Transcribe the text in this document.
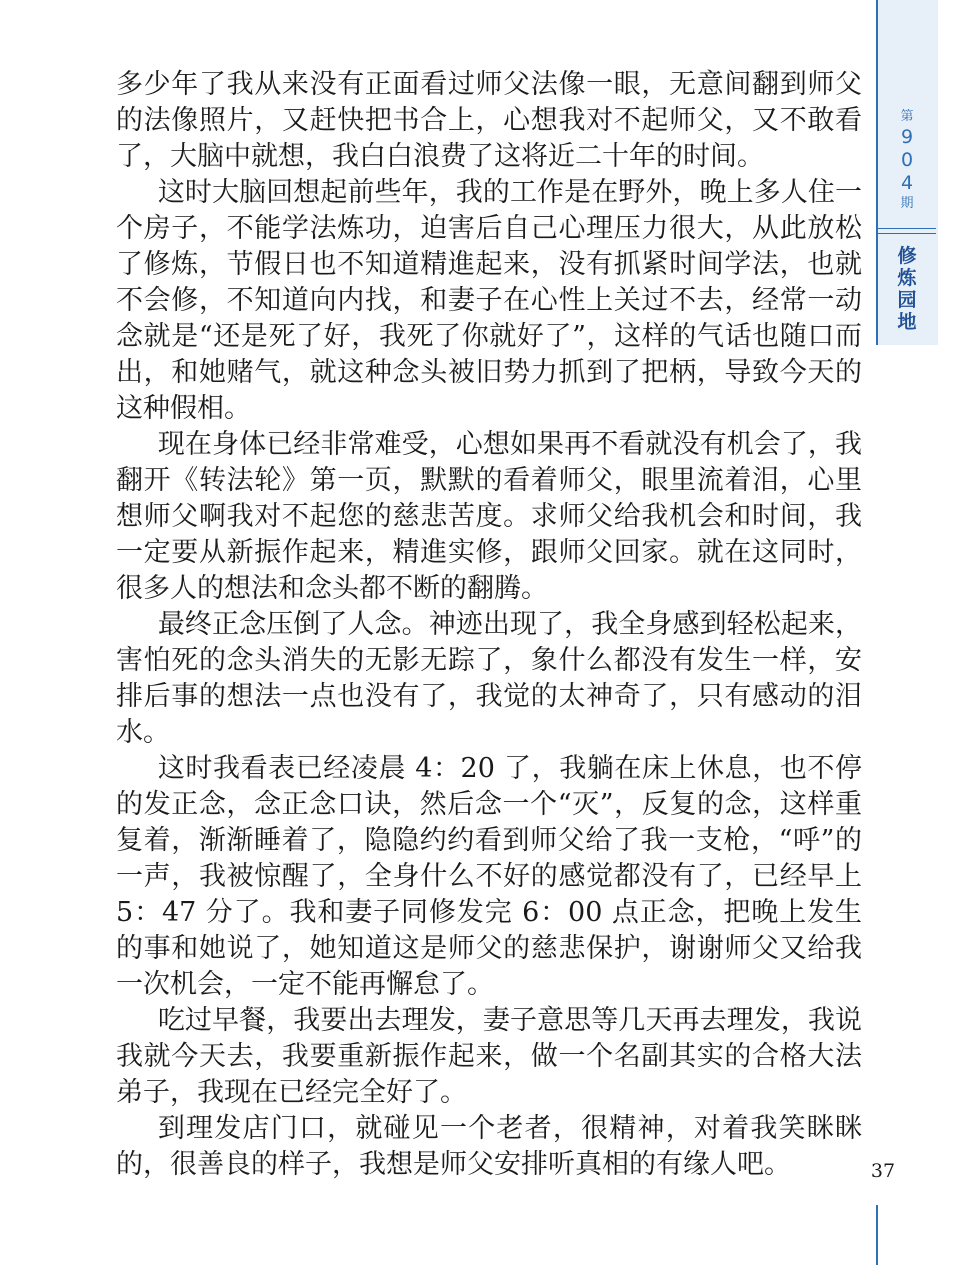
第
9
0
4
期
修
炼
园
地
37

多少年了我从来没有正面看过师父法像一眼，无意间翻到师父的法像照片，又赶快把书合上，心想我对不起师父，又不敢看了，大脑中就想，我白白浪费了这将近二十年的时间。

这时大脑回想起前些年，我的工作是在野外，晚上多人住一个房子，不能学法炼功，迫害后自己心理压力很大，从此放松了修炼，节假日也不知道精進起来，没有抓紧时间学法，也就不会修，不知道向内找，和妻子在心性上关过不去，经常一动念就是“还是死了好，我死了你就好了”，这样的气话也随口而出，和她赌气，就这种念头被旧势力抓到了把柄，导致今天的这种假相。

现在身体已经非常难受，心想如果再不看就没有机会了，我翻开《转法轮》第一页，默默的看着师父，眼里流着泪，心里想师父啊我对不起您的慈悲苦度。求师父给我机会和时间，我一定要从新振作起来，精進实修，跟师父回家。就在这同时，很多人的想法和念头都不断的翻腾。

最终正念压倒了人念。神迹出现了，我全身感到轻松起来，害怕死的念头消失的无影无踪了，象什么都没有发生一样，安排后事的想法一点也没有了，我觉的太神奇了，只有感动的泪水。

这时我看表已经凌晨 4：20 了，我躺在床上休息，也不停的发正念，念正念口诀，然后念一个“灭”，反复的念，这样重复着，渐渐睡着了，隐隐约约看到师父给了我一支枪，“呼”的一声，我被惊醒了，全身什么不好的感觉都没有了，已经早上 5：47 分了。我和妻子同修发完 6：00 点正念，把晚上发生的事和她说了，她知道这是师父的慈悲保护，谢谢师父又给我一次机会，一定不能再懈怠了。

吃过早餐，我要出去理发，妻子意思等几天再去理发，我说我就今天去，我要重新振作起来，做一个名副其实的合格大法弟子，我现在已经完全好了。

到理发店门口，就碰见一个老者，很精神，对着我笑眯眯的，很善良的样子，我想是师父安排听真相的有缘人吧。
